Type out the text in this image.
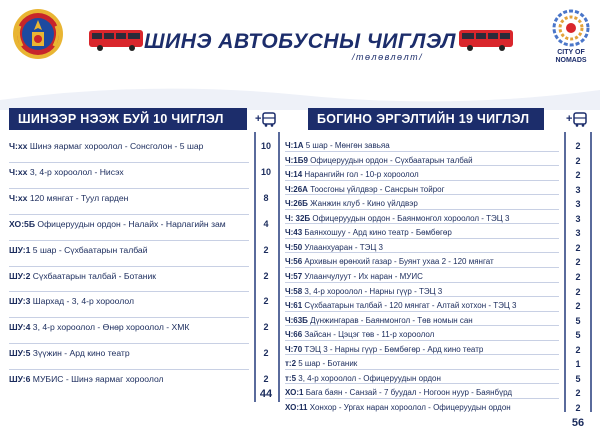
ШИНЭ АВТОБУСНЫ ЧИГЛЭЛ
/төлөвлөлт/	CITY OF NOMADS
ШИНЭЭР НЭЭЖ БУЙ 10 ЧИГЛЭЛ	+	БОГИНО ЭРГЭЛТИЙН 19 ЧИГЛЭЛ	+
Ч:хх Шинэ яармаг хороолол - Сонсголон - 5 шар	10
Ч:хх 3, 4-р хороолол - Нисэх	10
Ч:хх 120 мянгат - Туул гарден	8
ХО:5Б Офицеруудын ордон - Налайх - Нарлагийн зам	4
ШУ:1 5 шар - Сүхбаатарын талбай	2
ШУ:2 Сүхбаатарын талбай - Ботаник	2
ШУ:3 Шархад - 3, 4-р хороолол	2
ШУ:4 3, 4-р хороолол - Өнөр хороолол - ХМК	2
ШУ:5 Зүүжин - Ард кино театр	2
ШУ:6 МУБИС - Шинэ яармаг хороолол	2
44
Ч:1А 5 шар - Мөнгөн завьяа	2
Ч:1Б9 Офицеруудын ордон - Сүхбаатарын талбай	2
Ч:14 Нарангийн гол - 10-р хороолол	2
Ч:26А Тоосгоны үйлдвэр - Сансрын тойрог	3
Ч:26Б Жанжин клуб - Кино үйлдвэр	3
Ч: 32Б Офицеруудын ордон - Баянмонгол хороолол - ТЭЦ 3	3
Ч:43 Баянхошуу - Ард кино театр - Бөмбөгөр	3
Ч:50 Улаанхуаран - ТЭЦ 3	2
Ч:56 Архивын өрөнхий газар - Буянт ухаа 2 - 120 мянгат	2
Ч:57 Улаанчулуут - Их наран - МУИС	2
Ч:58 3, 4-р хороолол - Нарны гүүр - ТЭЦ 3	2
Ч:61 Сүхбаатарын талбай - 120 мянгат - Алтай хотхон - ТЭЦ 3	2
Ч:63Б Дүнжингарав - Баянмонгол - Төв номын сан	5
Ч:66 Зайсан - Цэцэг төв - 11-р хороолол	5
Ч:70 ТЭЦ 3 - Нарны гүүр - Бөмбөгөр - Ард кино театр	2
т:2 5 шар - Ботаник	1
т:5 3, 4-р хороолол - Офицеруудын ордон	5
ХО:1 Бага баян - Санзай - 7 буудал - Ногоон нуур - Баянбүрд	2
ХО:11 Хонхор - Ургах наран хороолол - Офицеруудын ордон	2
56
